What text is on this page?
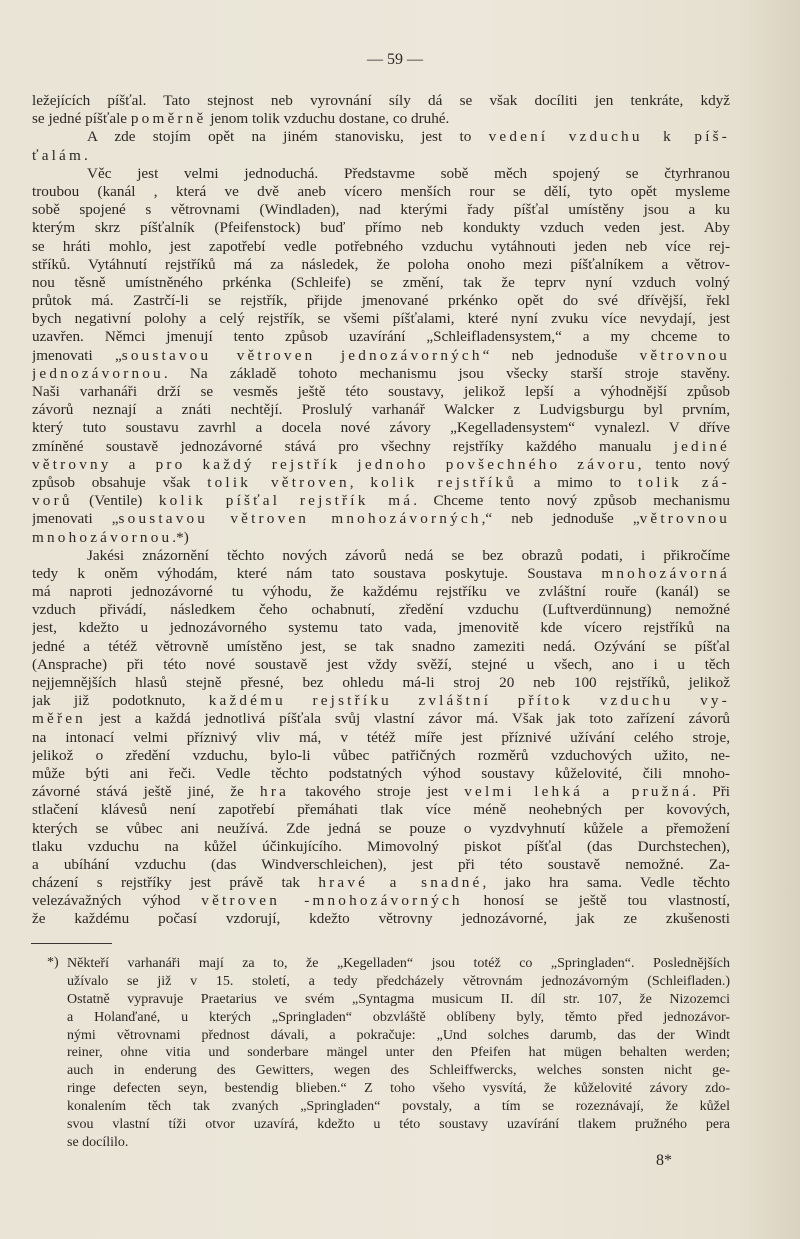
— 59 —
ležejících píšťal. Tato stejnost neb vyrovnání síly dá se však docíliti jen tenkráte, když
se jedné píšťale poměrně jenom tolik vzduchu dostane, co druhé.
A zde stojím opět na jiném stanovisku, jest to vedení vzduchu k píš-
ťalám.
Věc jest velmi jednoduchá. Představme sobě měch spojený se čtyrhranou
troubou (kanál , která ve dvě aneb vícero menších rour se dělí, tyto opět mysleme
sobě spojené s větrovnami (Windladen), nad kterými řady píšťal umístěny jsou a ku
kterým skrz píšťalník (Pfeifenstock) buď přímo neb kondukty vzduch veden jest. Aby
se hráti mohlo, jest zapotřebí vedle potřebného vzduchu vytáhnouti jeden neb více rej-
stříků. Vytáhnutí rejstříků má za následek, že poloha onoho mezi píšťalníkem a větrov-
nou těsně umístněného prkénka (Schleife) se změní, tak že teprv nyní vzduch volný
průtok má. Zastrčí-li se rejstřík, přijde jmenované prkénko opět do své dřívější, řekl
bych negativní polohy a celý rejstřík, se všemi píšťalami, které nyní zvuku více nevydají, jest
uzavřen. Němci jmenují tento způsob uzavírání „Schleifladensystem,“ a my chceme to
jmenovati „soustavou větroven jednozávorných“ neb jednoduše větrovnou
jednozávornou. Na základě tohoto mechanismu jsou všecky starší stroje stavěny.
Naši varhanáři drží se vesměs ještě této soustavy, jelikož lepší a výhodnější způsob
závorů neznají a znáti nechtějí. Proslulý varhanář Walcker z Ludvigsburgu byl prvním,
který tuto soustavu zavrhl a docela nové závory „Kegelladensystem“ vynalezl. V dříve
zmíněné soustavě jednozávorné stává pro všechny rejstříky každého manualu jediné
větrovny a pro každý rejstřík jednoho povšechného závoru, tento nový
způsob obsahuje však tolik větroven, kolik rejstříků a mimo to tolik zá-
vorů (Ventile) kolik píšťal rejstřík má. Chceme tento nový způsob mechanismu
jmenovati „soustavou větroven mnohozávorných,“ neb jednoduše „větrovnou
mnohozávornou.*)
Jakési znázornění těchto nových závorů nedá se bez obrazů podati, i přikročíme
tedy k oněm výhodám, které nám tato soustava poskytuje. Soustava mnohozávorná
má naproti jednozávorné tu výhodu, že každému rejstříku ve zvláštní rouře (kanál) se
vzduch přivádí, následkem čeho ochabnutí, zředění vzduchu (Luftverdünnung) nemožné
jest, kdežto u jednozávorného systemu tato vada, jmenovitě kde vícero rejstříků na
jedné a tétéž větrovně umístěno jest, se tak snadno zameziti nedá. Ozývání se píšťal
(Ansprache) při této nové soustavě jest vždy svěží, stejné u všech, ano i u těch
nejjemnějších hlasů stejně přesné, bez ohledu má-li stroj 20 neb 100 rejstříků, jelikož
jak již podotknuto, každému rejstříku zvláštní přítok vzduchu vy-
měřen jest a každá jednotlivá píšťala svůj vlastní závor má. Však jak toto zařízení závorů
na intonací velmi příznivý vliv má, v tétéž míře jest příznivé užívání celého stroje,
jelikož o zředění vzduchu, bylo-li vůbec patřičných rozměrů vzduchových užito, ne-
může býti ani řeči. Vedle těchto podstatných výhod soustavy kůželovité, čili mnoho-
závorné stává ještě jiné, že hra takového stroje jest velmi lehká a pružná. Při
stlačení klávesů není zapotřebí přemáhati tlak více méně neohebných per kovových,
kterých se vůbec ani neužívá. Zde jedná se pouze o vyzdvyhnutí kůžele a přemožení
tlaku vzduchu na kůžel účinkujícího. Mimovolný piskot píšťal (das Durchstechen),
a ubíhání vzduchu (das Windverschleichen), jest při této soustavě nemožné. Za-
cházení s rejstříky jest právě tak hravé a snadné, jako hra sama. Vedle těchto
velezávažných výhod větroven -mnohozávorných honosí se ještě tou vlastností,
že každému počasí vzdorují, kdežto větrovny jednozávorné, jak ze zkušenosti
*) Někteří varhanáři mají za to, že „Kegelladen“ jsou totéž co „Springladen“. Poslednějších
užívalo se již v 15. století, a tedy předcházely větrovnám jednozávorným (Schleifladen.)
Ostatně vypravuje Praetarius ve svém „Syntagma musicum II. díl str. 107, že Nizozemci
a Holanďané, u kterých „Springladen“ obzvláště oblíbeny byly, těmto před jednozávor-
nými větrovnami přednost dávali, a pokračuje: „Und solches darumb, das der Windt
reiner, ohne vitia und sonderbare mängel unter den Pfeifen hat mügen behalten werden;
auch in enderung des Gewitters, wegen des Schleiffwercks, welches sonsten nicht ge-
ringe defecten seyn, bestendig blieben.“ Z toho všeho vysvítá, že kůželovité závory zdo-
konalením těch tak zvaných „Springladen“ povstaly, a tím se rozeznávají, že kůžel
svou vlastní tíži otvor uzavírá, kdežto u této soustavy uzavírání tlakem pružného pera
se docílilo.
8*
